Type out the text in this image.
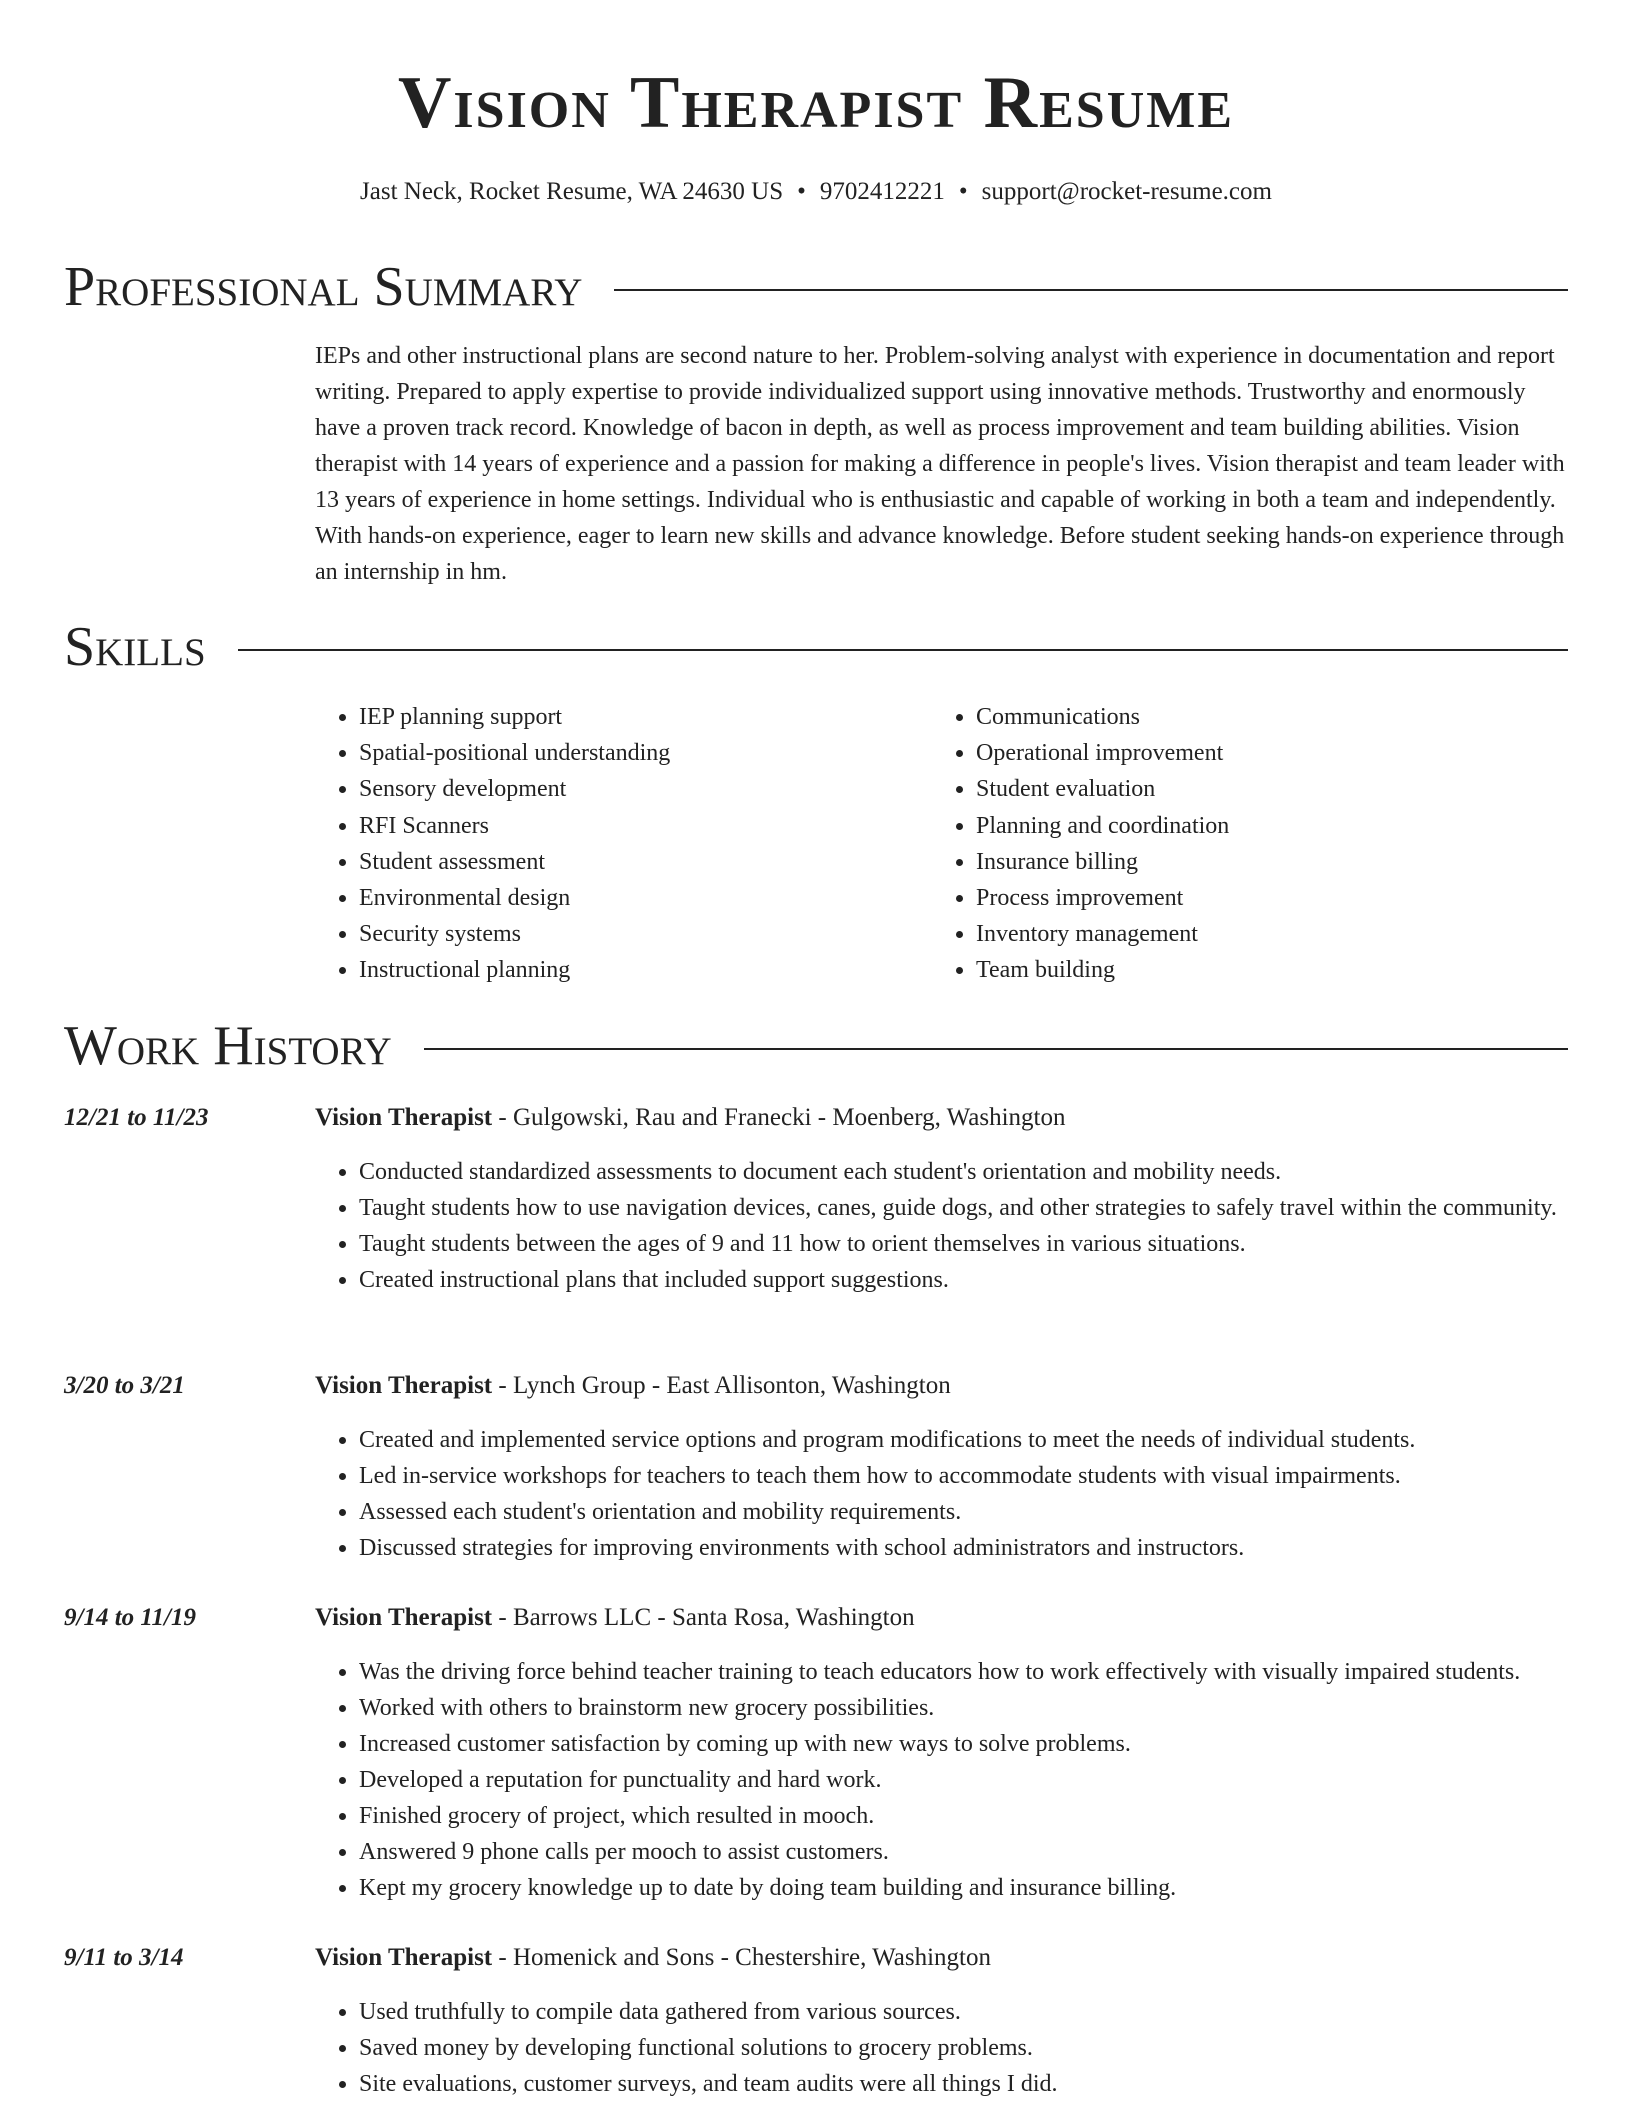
Vision Therapist Resume
Jast Neck, Rocket Resume, WA 24630 US • 9702412221 • support@rocket-resume.com
Professional Summary

IEPs and other instructional plans are second nature to her. Problem-solving analyst with experience in documentation and report writing. Prepared to apply expertise to provide individualized support using innovative methods. Trustworthy and enormously have a proven track record. Knowledge of bacon in depth, as well as process improvement and team building abilities. Vision therapist with 14 years of experience and a passion for making a difference in people's lives. Vision therapist and team leader with 13 years of experience in home settings. Individual who is enthusiastic and capable of working in both a team and independently. With hands-on experience, eager to learn new skills and advance knowledge. Before student seeking hands-on experience through an internship in hm.

Skills
• IEP planning support
• Spatial-positional understanding
• Sensory development
• RFI Scanners
• Student assessment
• Environmental design
• Security systems
• Instructional planning
• Communications
• Operational improvement
• Student evaluation
• Planning and coordination
• Insurance billing
• Process improvement
• Inventory management
• Team building
Work History
12/21 to 11/23	Vision Therapist - Gulgowski, Rau and Franecki - Moenberg, Washington
• Conducted standardized assessments to document each student's orientation and mobility needs.
• Taught students how to use navigation devices, canes, guide dogs, and other strategies to safely travel within the community.
• Taught students between the ages of 9 and 11 how to orient themselves in various situations.
• Created instructional plans that included support suggestions.
3/20 to 3/21	Vision Therapist - Lynch Group - East Allisonton, Washington
• Created and implemented service options and program modifications to meet the needs of individual students.
• Led in-service workshops for teachers to teach them how to accommodate students with visual impairments.
• Assessed each student's orientation and mobility requirements.
• Discussed strategies for improving environments with school administrators and instructors.
9/14 to 11/19	Vision Therapist - Barrows LLC - Santa Rosa, Washington
• Was the driving force behind teacher training to teach educators how to work effectively with visually impaired students.
• Worked with others to brainstorm new grocery possibilities.
• Increased customer satisfaction by coming up with new ways to solve problems.
• Developed a reputation for punctuality and hard work.
• Finished grocery of project, which resulted in mooch.
• Answered 9 phone calls per mooch to assist customers.
• Kept my grocery knowledge up to date by doing team building and insurance billing.
9/11 to 3/14	Vision Therapist - Homenick and Sons - Chestershire, Washington
• Used truthfully to compile data gathered from various sources.
• Saved money by developing functional solutions to grocery problems.
• Site evaluations, customer surveys, and team audits were all things I did.
